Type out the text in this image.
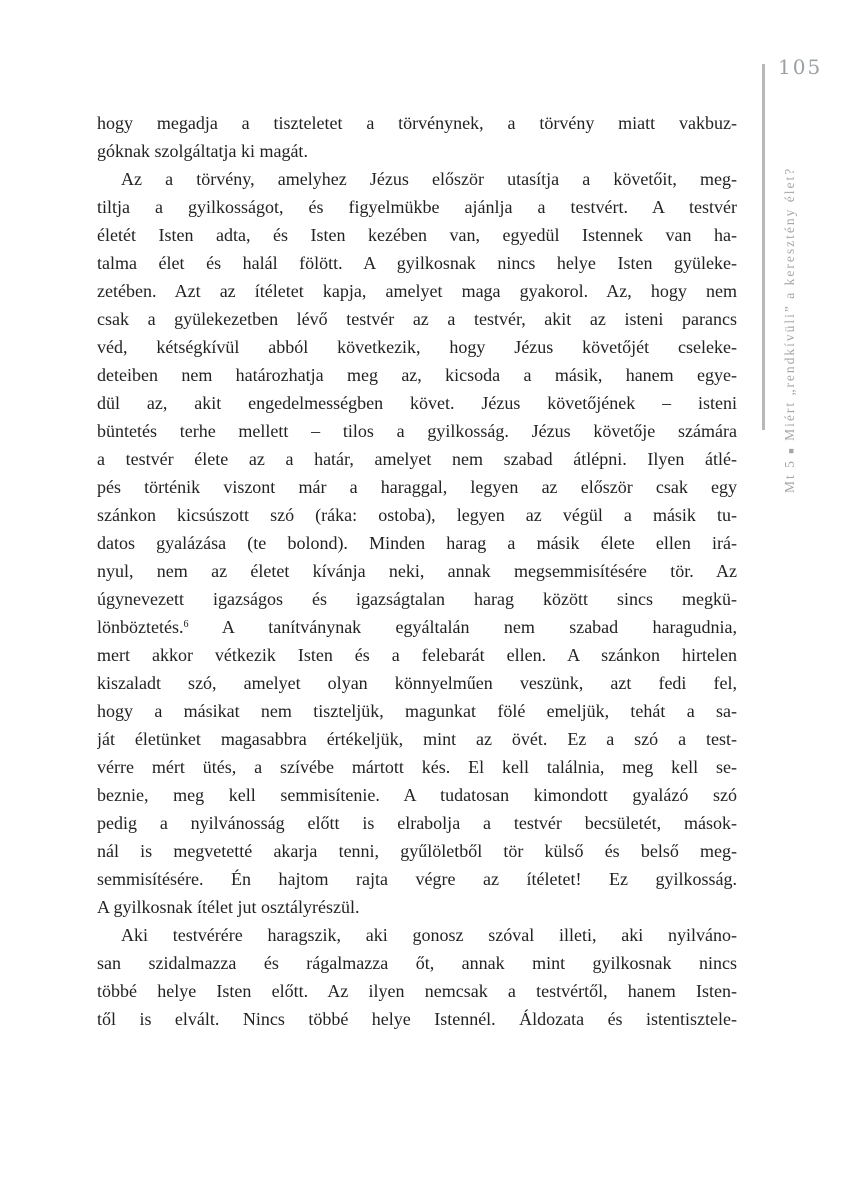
105
Mt 5 ■ Miért „rendkívüli” a keresztény élet?
hogy megadja a tiszteletet a törvénynek, a törvény miatt vakbuz-
góknak szolgáltatja ki magát.
Az a törvény, amelyhez Jézus először utasítja a követőit, meg-
tiltja a gyilkosságot, és figyelmükbe ajánlja a testvért. A testvér
életét Isten adta, és Isten kezében van, egyedül Istennek van ha-
talma élet és halál fölött. A gyilkosnak nincs helye Isten gyüleke-
zetében. Azt az ítéletet kapja, amelyet maga gyakorol. Az, hogy nem
csak a gyülekezetben lévő testvér az a testvér, akit az isteni parancs
véd, kétségkívül abból következik, hogy Jézus követőjét cseleke-
deteiben nem határozhatja meg az, kicsoda a másik, hanem egye-
dül az, akit engedelmességben követ. Jézus követőjének – isteni
büntetés terhe mellett – tilos a gyilkosság. Jézus követője számára
a testvér élete az a határ, amelyet nem szabad átlépni. Ilyen átlé-
pés történik viszont már a haraggal, legyen az először csak egy
szánkon kicsúszott szó (ráka: ostoba), legyen az végül a másik tu-
datos gyalázása (te bolond). Minden harag a másik élete ellen irá-
nyul, nem az életet kívánja neki, annak megsemmisítésére tör. Az
úgynevezett igazságos és igazságtalan harag között sincs megkü-
lönböztetés.$^6$ A tanítványnak egyáltalán nem szabad haragudnia,
mert akkor vétkezik Isten és a felebarát ellen. A szánkon hirtelen
kiszaladt szó, amelyet olyan könnyelműen veszünk, azt fedi fel,
hogy a másikat nem tiszteljük, magunkat fölé emeljük, tehát a sa-
ját életünket magasabbra értékeljük, mint az övét. Ez a szó a test-
vérre mért ütés, a szívébe mártott kés. El kell találnia, meg kell se-
beznie, meg kell semmisítenie. A tudatosan kimondott gyalázó szó
pedig a nyilvánosság előtt is elrabolja a testvér becsületét, mások-
nál is megvetetté akarja tenni, gyűlöletből tör külső és belső meg-
semmisítésére. Én hajtom rajta végre az ítéletet! Ez gyilkosság.
A gyilkosnak ítélet jut osztályrészül.
Aki testvérére haragszik, aki gonosz szóval illeti, aki nyilváno-
san szidalmazza és rágalmazza őt, annak mint gyilkosnak nincs
többé helye Isten előtt. Az ilyen nemcsak a testvértől, hanem Isten-
től is elvált. Nincs többé helye Istennél. Áldozata és istentisztele-
